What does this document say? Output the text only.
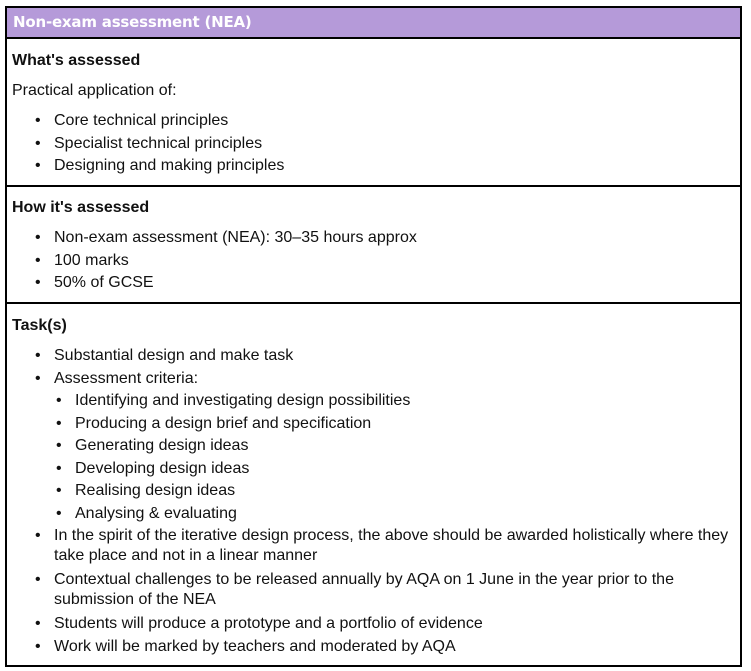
Non-exam assessment (NEA)
What's assessed
Practical application of:
• Core technical principles
• Specialist technical principles
• Designing and making principles
How it's assessed
• Non-exam assessment (NEA): 30–35 hours approx
• 100 marks
• 50% of GCSE
Task(s)
• Substantial design and make task
• Assessment criteria:
• Identifying and investigating design possibilities
• Producing a design brief and specification
• Generating design ideas
• Developing design ideas
• Realising design ideas
• Analysing & evaluating
• In the spirit of the iterative design process, the above should be awarded holistically where they take place and not in a linear manner
• Contextual challenges to be released annually by AQA on 1 June in the year prior to the submission of the NEA
• Students will produce a prototype and a portfolio of evidence
• Work will be marked by teachers and moderated by AQA
